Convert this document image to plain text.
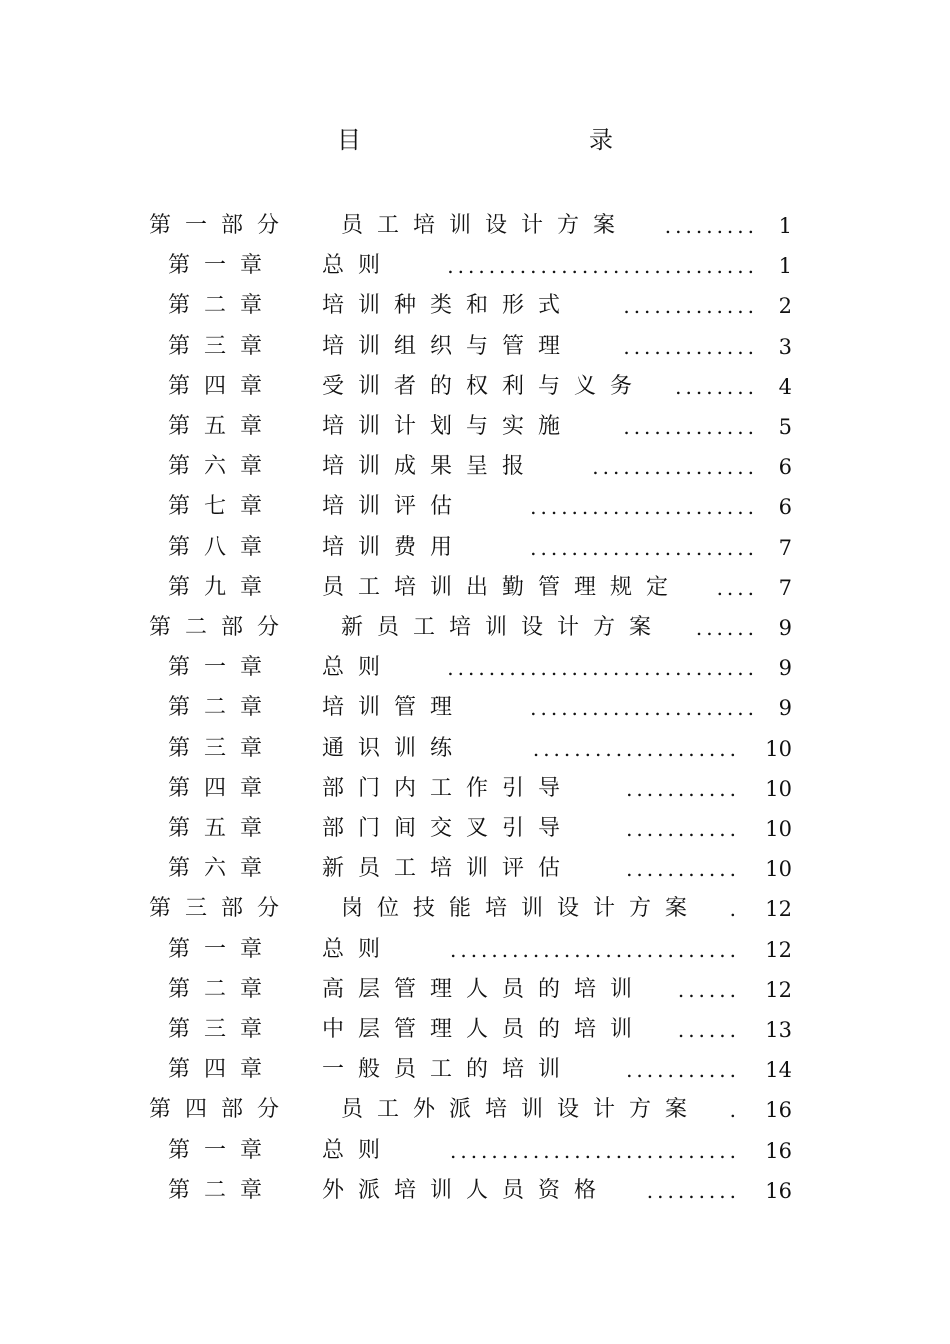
目　　录
第一部分 员工培训设计方案 ......... 1
第一章 总则	.............................. 1
第二章 培训种类和形式 ............. 2
第三章 培训组织与管理 ............. 3
第四章 受训者的权利与义务 ........ 4
第五章 培训计划与实施 ............. 5
第六章 培训成果呈报	................ 6
第七章 培训评估	...................... 6
第八章 培训费用	...................... 7
第九章 员工培训出勤管理规定 .... 7
第二部分 新员工培训设计方案 ...... 9
第一章 总则	.............................. 9
第二章 培训管理	...................... 9
第三章 通识训练	.................... 10
第四章 部门内工作引导	........... 10
第五章 部门间交叉引导	........... 10
第六章 新员工培训评估	........... 10
第三部分 岗位技能培训设计方案 . 12
第一章 总则	............................ 12
第二章 高层管理人员的培训 ...... 12
第三章 中层管理人员的培训 ...... 13
第四章 一般员工的培训	........... 14
第四部分 员工外派培训设计方案 . 16
第一章 总则	............................ 16
第二章 外派培训人员资格 ......... 16
